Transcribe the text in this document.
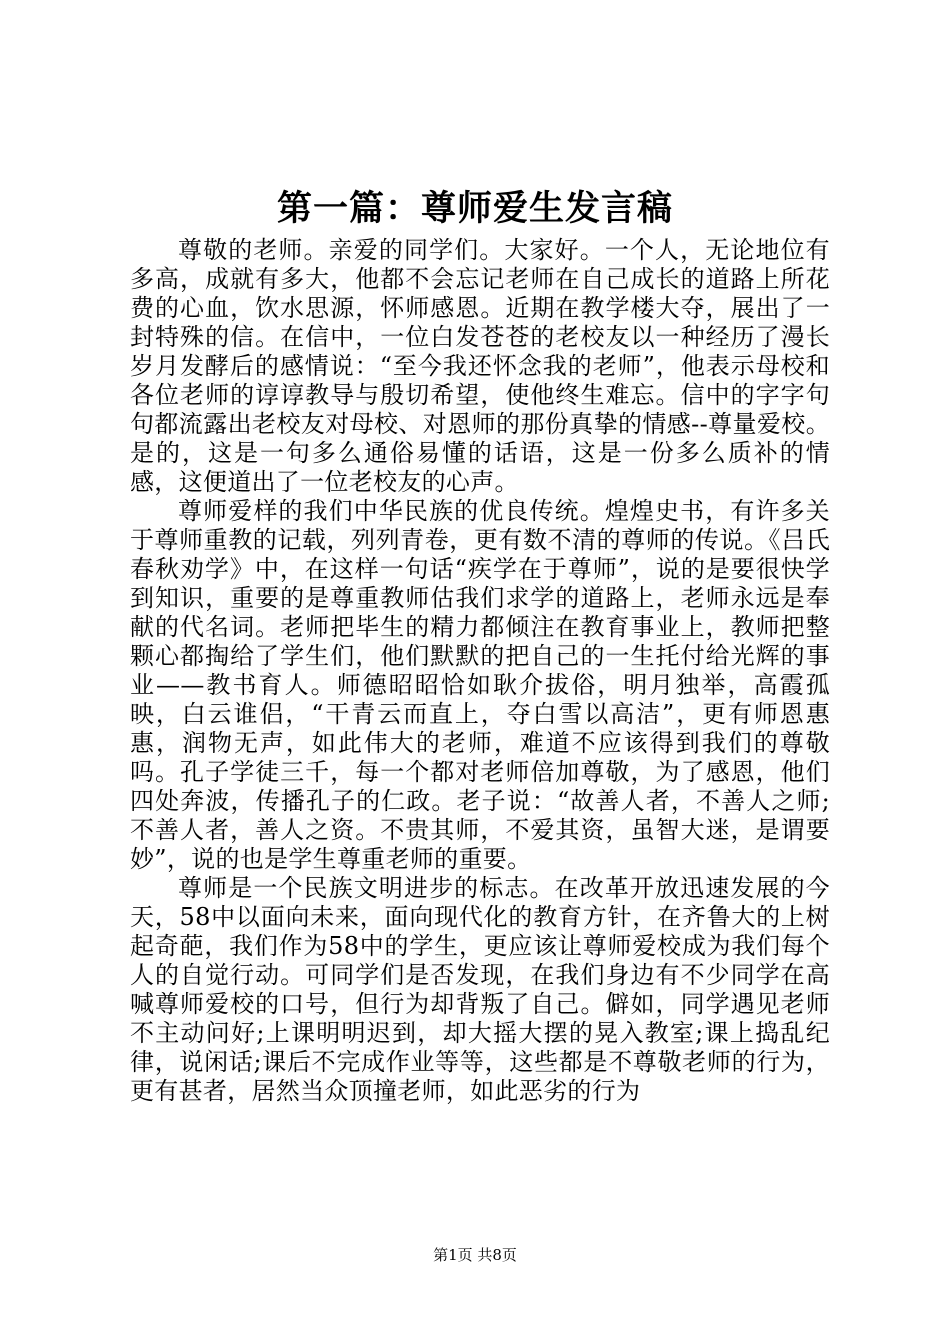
第一篇：尊师爱生发言稿

尊敬的老师。亲爱的同学们。大家好。一个人，无论地位有多高，成就有多大，他都不会忘记老师在自己成长的道路上所花费的心血，饮水思源，怀师感恩。近期在教学楼大夺，展出了一封特殊的信。在信中，一位白发苍苍的老校友以一种经历了漫长岁月发酵后的感情说：“至今我还怀念我的老师”，他表示母校和各位老师的谆谆教导与殷切希望，使他终生难忘。信中的字字句句都流露出老校友对母校、对恩师的那份真挚的情感--尊量爱校。是的，这是一句多么通俗易懂的话语，这是一份多么质补的情感，这便道出了一位老校友的心声。

尊师爱样的我们中华民族的优良传统。煌煌史书，有许多关于尊师重教的记载，列列青卷，更有数不清的尊师的传说。《吕氏春秋劝学》中，在这样一句话“疾学在于尊师”，说的是要很快学到知识，重要的是尊重教师估我们求学的道路上，老师永远是奉献的代名词。老师把毕生的精力都倾注在教育事业上，教师把整颗心都掏给了学生们，他们默默的把自己的一生托付给光辉的事业——教书育人。师德昭昭恰如耿介拔俗，明月独举，高霞孤映，白云谁侣，“干青云而直上，夺白雪以高洁”，更有师恩惠惠，润物无声，如此伟大的老师，难道不应该得到我们的尊敬吗。孔子学徒三千，每一个都对老师倍加尊敬，为了感恩，他们四处奔波，传播孔子的仁政。老子说：“故善人者，不善人之师;不善人者，善人之资。不贵其师，不爱其资，虽智大迷，是谓要妙”，说的也是学生尊重老师的重要。

尊师是一个民族文明进步的标志。在改革开放迅速发展的今天，58中以面向未来，面向现代化的教育方针，在齐鲁大的上树起奇葩，我们作为58中的学生，更应该让尊师爱校成为我们每个人的自觉行动。可同学们是否发现，在我们身边有不少同学在高喊尊师爱校的口号，但行为却背叛了自己。僻如，同学遇见老师不主动问好;上课明明迟到，却大摇大摆的晃入教室;课上捣乱纪律，说闲话;课后不完成作业等等，这些都是不尊敬老师的行为，更有甚者，居然当众顶撞老师，如此恶劣的行为

第1页 共8页
